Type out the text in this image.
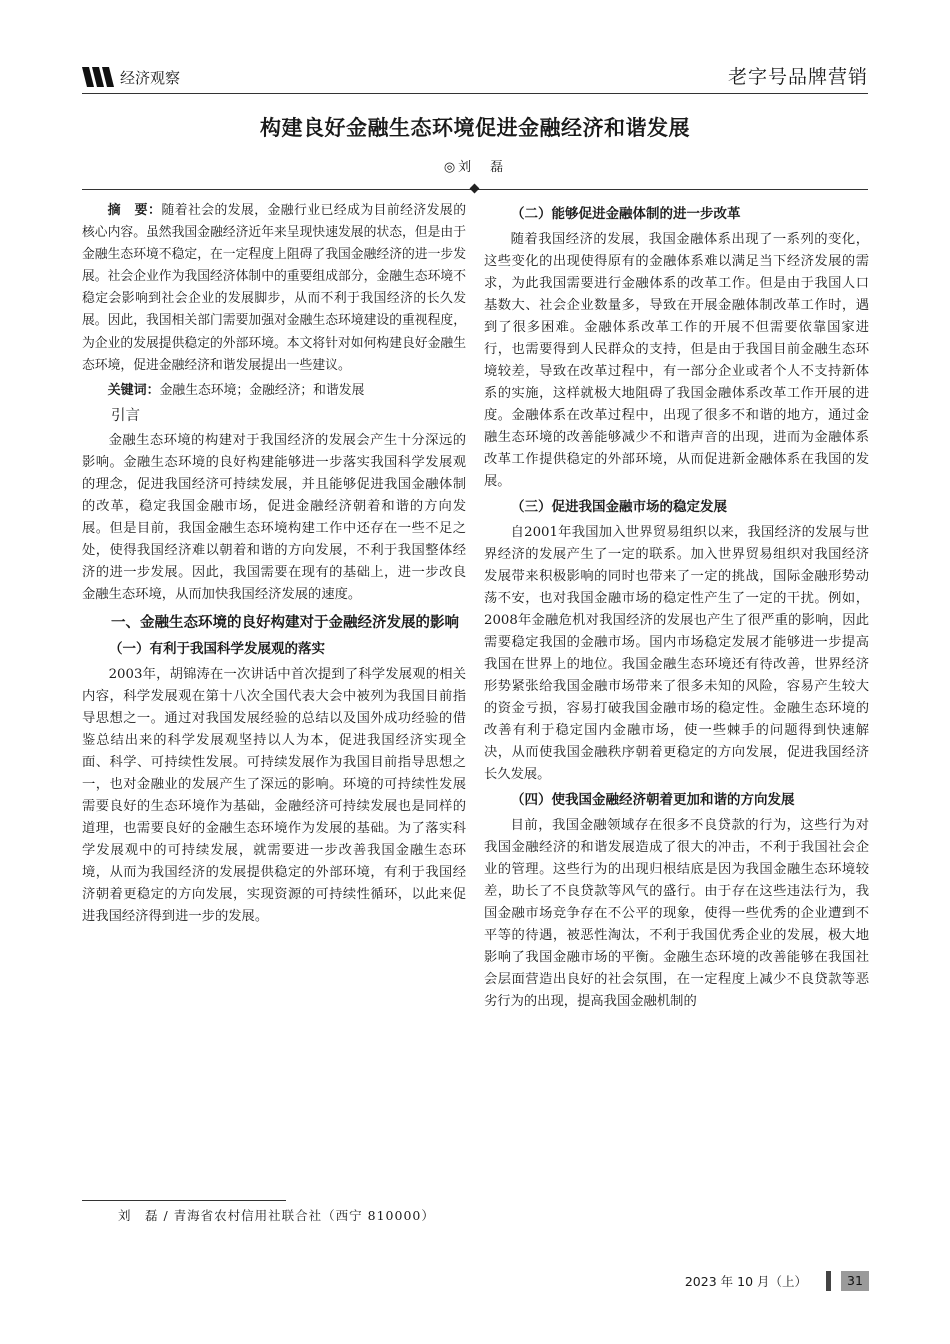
经济观察	老字号品牌营销
构建良好金融生态环境促进金融经济和谐发展
◎刘　磊

摘　要：随着社会的发展，金融行业已经成为目前经济发展的核心内容。虽然我国金融经济近年来呈现快速发展的状态，但是由于金融生态环境不稳定，在一定程度上阻碍了我国金融经济的进一步发展。社会企业作为我国经济体制中的重要组成部分，金融生态环境不稳定会影响到社会企业的发展脚步，从而不利于我国经济的长久发展。因此，我国相关部门需要加强对金融生态环境建设的重视程度，为企业的发展提供稳定的外部环境。本文将针对如何构建良好金融生态环境，促进金融经济和谐发展提出一些建议。

关键词：金融生态环境；金融经济；和谐发展

引言

金融生态环境的构建对于我国经济的发展会产生十分深远的影响。金融生态环境的良好构建能够进一步落实我国科学发展观的理念，促进我国经济可持续发展，并且能够促进我国金融体制的改革，稳定我国金融市场，促进金融经济朝着和谐的方向发展。但是目前，我国金融生态环境构建工作中还存在一些不足之处，使得我国经济难以朝着和谐的方向发展，不利于我国整体经济的进一步发展。因此，我国需要在现有的基础上，进一步改良金融生态环境，从而加快我国经济发展的速度。

一、金融生态环境的良好构建对于金融经济发展的影响
（一）有利于我国科学发展观的落实

2003年，胡锦涛在一次讲话中首次提到了科学发展观的相关内容，科学发展观在第十八次全国代表大会中被列为我国目前指导思想之一。通过对我国发展经验的总结以及国外成功经验的借鉴总结出来的科学发展观坚持以人为本，促进我国经济实现全面、科学、可持续性发展。可持续发展作为我国目前指导思想之一，也对金融业的发展产生了深远的影响。环境的可持续性发展需要良好的生态环境作为基础，金融经济可持续发展也是同样的道理，也需要良好的金融生态环境作为发展的基础。为了落实科学发展观中的可持续发展，就需要进一步改善我国金融生态环境，从而为我国经济的发展提供稳定的外部环境，有利于我国经济朝着更稳定的方向发展，实现资源的可持续性循环，以此来促进我国经济得到进一步的发展。

（二）能够促进金融体制的进一步改革

随着我国经济的发展，我国金融体系出现了一系列的变化，这些变化的出现使得原有的金融体系难以满足当下经济发展的需求，为此我国需要进行金融体系的改革工作。但是由于我国人口基数大、社会企业数量多，导致在开展金融体制改革工作时，遇到了很多困难。金融体系改革工作的开展不但需要依靠国家进行，也需要得到人民群众的支持，但是由于我国目前金融生态环境较差，导致在改革过程中，有一部分企业或者个人不支持新体系的实施，这样就极大地阻碍了我国金融体系改革工作开展的进度。金融体系在改革过程中，出现了很多不和谐的地方，通过金融生态环境的改善能够减少不和谐声音的出现，进而为金融体系改革工作提供稳定的外部环境，从而促进新金融体系在我国的发展。

（三）促进我国金融市场的稳定发展

自2001年我国加入世界贸易组织以来，我国经济的发展与世界经济的发展产生了一定的联系。加入世界贸易组织对我国经济发展带来积极影响的同时也带来了一定的挑战，国际金融形势动荡不安，也对我国金融市场的稳定性产生了一定的干扰。例如，2008年金融危机对我国经济的发展也产生了很严重的影响，因此需要稳定我国的金融市场。国内市场稳定发展才能够进一步提高我国在世界上的地位。我国金融生态环境还有待改善，世界经济形势紧张给我国金融市场带来了很多未知的风险，容易产生较大的资金亏损，容易打破我国金融市场的稳定性。金融生态环境的改善有利于稳定国内金融市场，使一些棘手的问题得到快速解决，从而使我国金融秩序朝着更稳定的方向发展，促进我国经济长久发展。

（四）使我国金融经济朝着更加和谐的方向发展

目前，我国金融领域存在很多不良贷款的行为，这些行为对我国金融经济的和谐发展造成了很大的冲击，不利于我国社会企业的管理。这些行为的出现归根结底是因为我国金融生态环境较差，助长了不良贷款等风气的盛行。由于存在这些违法行为，我国金融市场竞争存在不公平的现象，使得一些优秀的企业遭到不平等的待遇，被恶性淘汰，不利于我国优秀企业的发展，极大地影响了我国金融市场的平衡。金融生态环境的改善能够在我国社会层面营造出良好的社会氛围，在一定程度上减少不良贷款等恶劣行为的出现，提高我国金融机制的

刘　磊 / 青海省农村信用社联合社（西宁 810000）
2023 年 10 月（上）	31
